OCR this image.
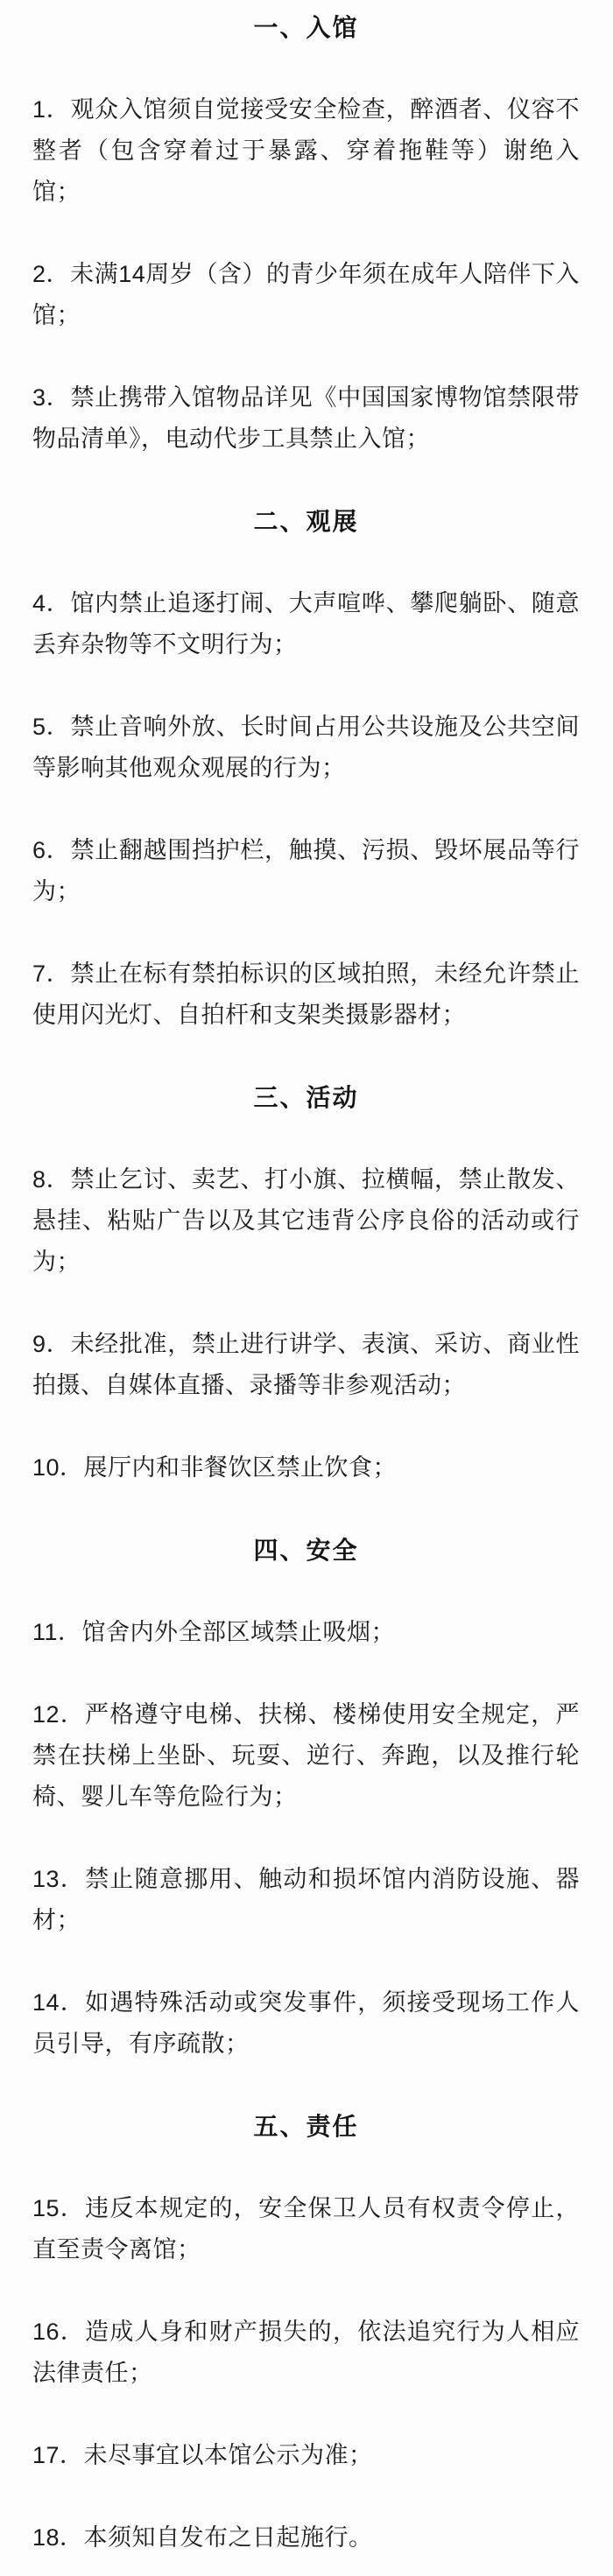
一、入馆

1．观众入馆须自觉接受安全检查，醉酒者、仪容不整者（包含穿着过于暴露、穿着拖鞋等）谢绝入馆；

2．未满14周岁（含）的青少年须在成年人陪伴下入馆；

3．禁止携带入馆物品详见《中国国家博物馆禁限带物品清单》，电动代步工具禁止入馆；

二、观展

4．馆内禁止追逐打闹、大声喧哗、攀爬躺卧、随意丢弃杂物等不文明行为；

5．禁止音响外放、长时间占用公共设施及公共空间等影响其他观众观展的行为；

6．禁止翻越围挡护栏，触摸、污损、毁坏展品等行为；

7．禁止在标有禁拍标识的区域拍照，未经允许禁止使用闪光灯、自拍杆和支架类摄影器材；

三、活动

8．禁止乞讨、卖艺、打小旗、拉横幅，禁止散发、悬挂、粘贴广告以及其它违背公序良俗的活动或行为；

9．未经批准，禁止进行讲学、表演、采访、商业性拍摄、自媒体直播、录播等非参观活动；

10．展厅内和非餐饮区禁止饮食；

四、安全

11．馆舍内外全部区域禁止吸烟；

12．严格遵守电梯、扶梯、楼梯使用安全规定，严禁在扶梯上坐卧、玩耍、逆行、奔跑，以及推行轮椅、婴儿车等危险行为；

13．禁止随意挪用、触动和损坏馆内消防设施、器材；

14．如遇特殊活动或突发事件，须接受现场工作人员引导，有序疏散；

五、责任

15．违反本规定的，安全保卫人员有权责令停止，直至责令离馆；

16．造成人身和财产损失的，依法追究行为人相应法律责任；

17．未尽事宜以本馆公示为准；

18．本须知自发布之日起施行。
